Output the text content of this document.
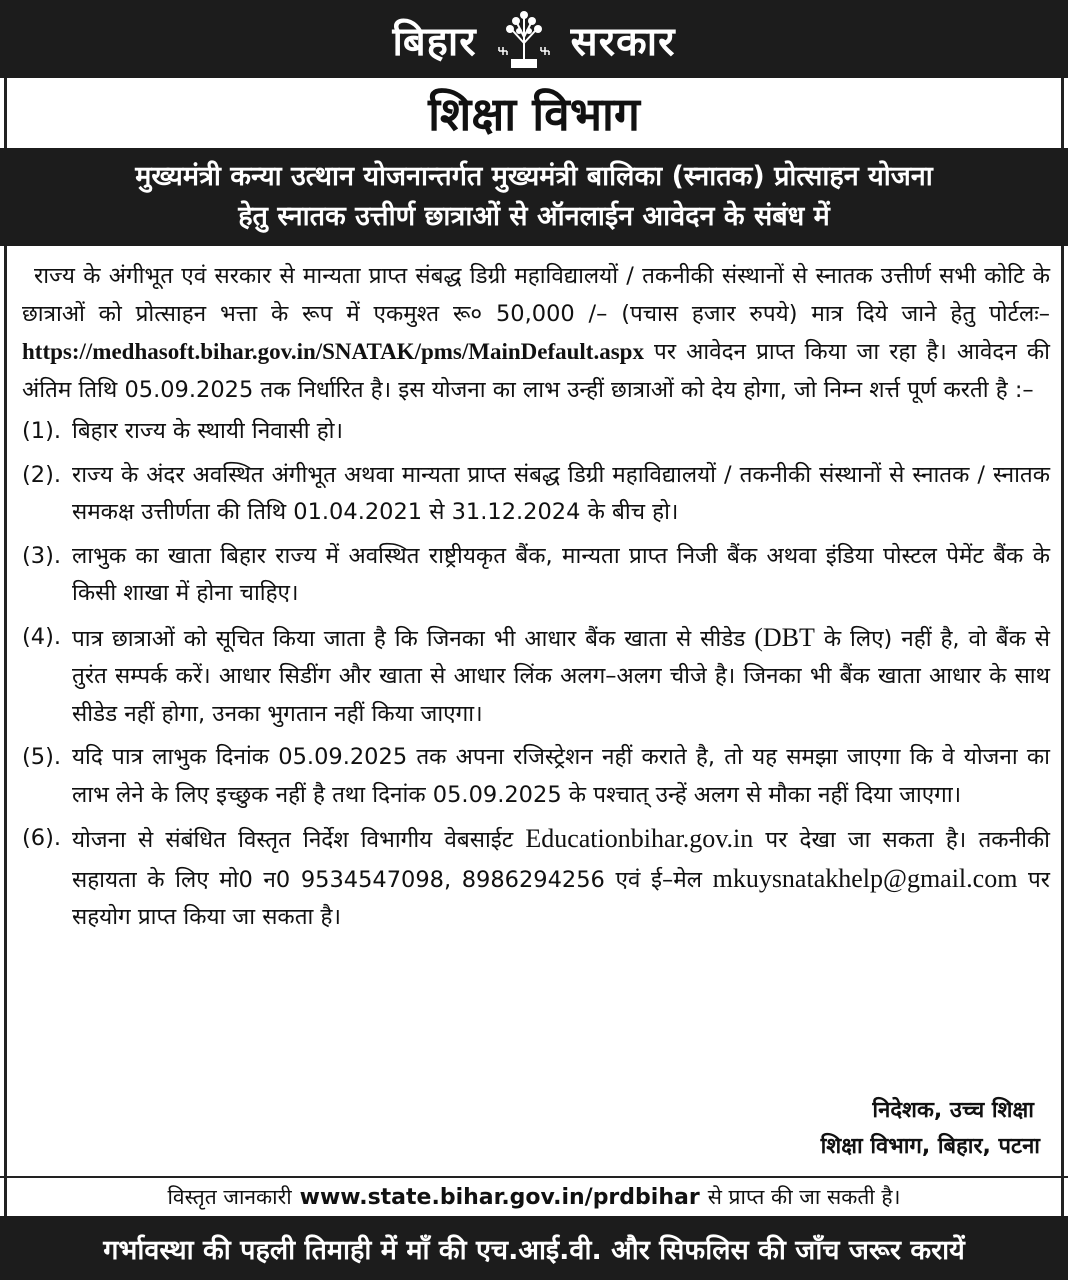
बिहार सरकार
शिक्षा विभाग
मुख्यमंत्री कन्या उत्थान योजनान्तर्गत मुख्यमंत्री बालिका (स्नातक) प्रोत्साहन योजना
हेतु स्नातक उत्तीर्ण छात्राओं से ऑनलाईन आवेदन के संबंध में

राज्य के अंगीभूत एवं सरकार से मान्यता प्राप्त संबद्ध डिग्री महाविद्यालयों / तकनीकी संस्थानों से स्नातक उत्तीर्ण सभी कोटि के छात्राओं को प्रोत्साहन भत्ता के रूप में एकमुश्त रू० 50,000 /– (पचास हजार रुपये) मात्र दिये जाने हेतु पोर्टलः–https://medhasoft.bihar.gov.in/SNATAK/pms/MainDefault.aspx पर आवेदन प्राप्त किया जा रहा है। आवेदन की अंतिम तिथि 05.09.2025 तक निर्धारित है। इस योजना का लाभ उन्हीं छात्राओं को देय होगा, जो निम्न शर्त्त पूर्ण करती है :–

(1). बिहार राज्य के स्थायी निवासी हो।
(2). राज्य के अंदर अवस्थित अंगीभूत अथवा मान्यता प्राप्त संबद्ध डिग्री महाविद्यालयों / तकनीकी संस्थानों से स्नातक / स्नातक समकक्ष उत्तीर्णता की तिथि 01.04.2021 से 31.12.2024 के बीच हो।
(3). लाभुक का खाता बिहार राज्य में अवस्थित राष्ट्रीयकृत बैंक, मान्यता प्राप्त निजी बैंक अथवा इंडिया पोस्टल पेमेंट बैंक के किसी शाखा में होना चाहिए।
(4). पात्र छात्राओं को सूचित किया जाता है कि जिनका भी आधार बैंक खाता से सीडेड (DBT के लिए) नहीं है, वो बैंक से तुरंत सम्पर्क करें। आधार सिडींग और खाता से आधार लिंक अलग–अलग चीजे है। जिनका भी बैंक खाता आधार के साथ सीडेड नहीं होगा, उनका भुगतान नहीं किया जाएगा।
(5). यदि पात्र लाभुक दिनांक 05.09.2025 तक अपना रजिस्ट्रेशन नहीं कराते है, तो यह समझा जाएगा कि वे योजना का लाभ लेने के लिए इच्छुक नहीं है तथा दिनांक 05.09.2025 के पश्चात् उन्हें अलग से मौका नहीं दिया जाएगा।
(6). योजना से संबंधित विस्तृत निर्देश विभागीय वेबसाईट Educationbihar.gov.in पर देखा जा सकता है। तकनीकी सहायता के लिए मो0 न0 9534547098, 8986294256 एवं ई–मेल mkuysnatakhelp@gmail.com पर सहयोग प्राप्त किया जा सकता है।
निदेशक, उच्च शिक्षा
शिक्षा विभाग, बिहार, पटना
विस्तृत जानकारी www.state.bihar.gov.in/prdbihar से प्राप्त की जा सकती है।
गर्भावस्था की पहली तिमाही में माँ की एच.आई.वी. और सिफलिस की जाँच जरूर करायें
